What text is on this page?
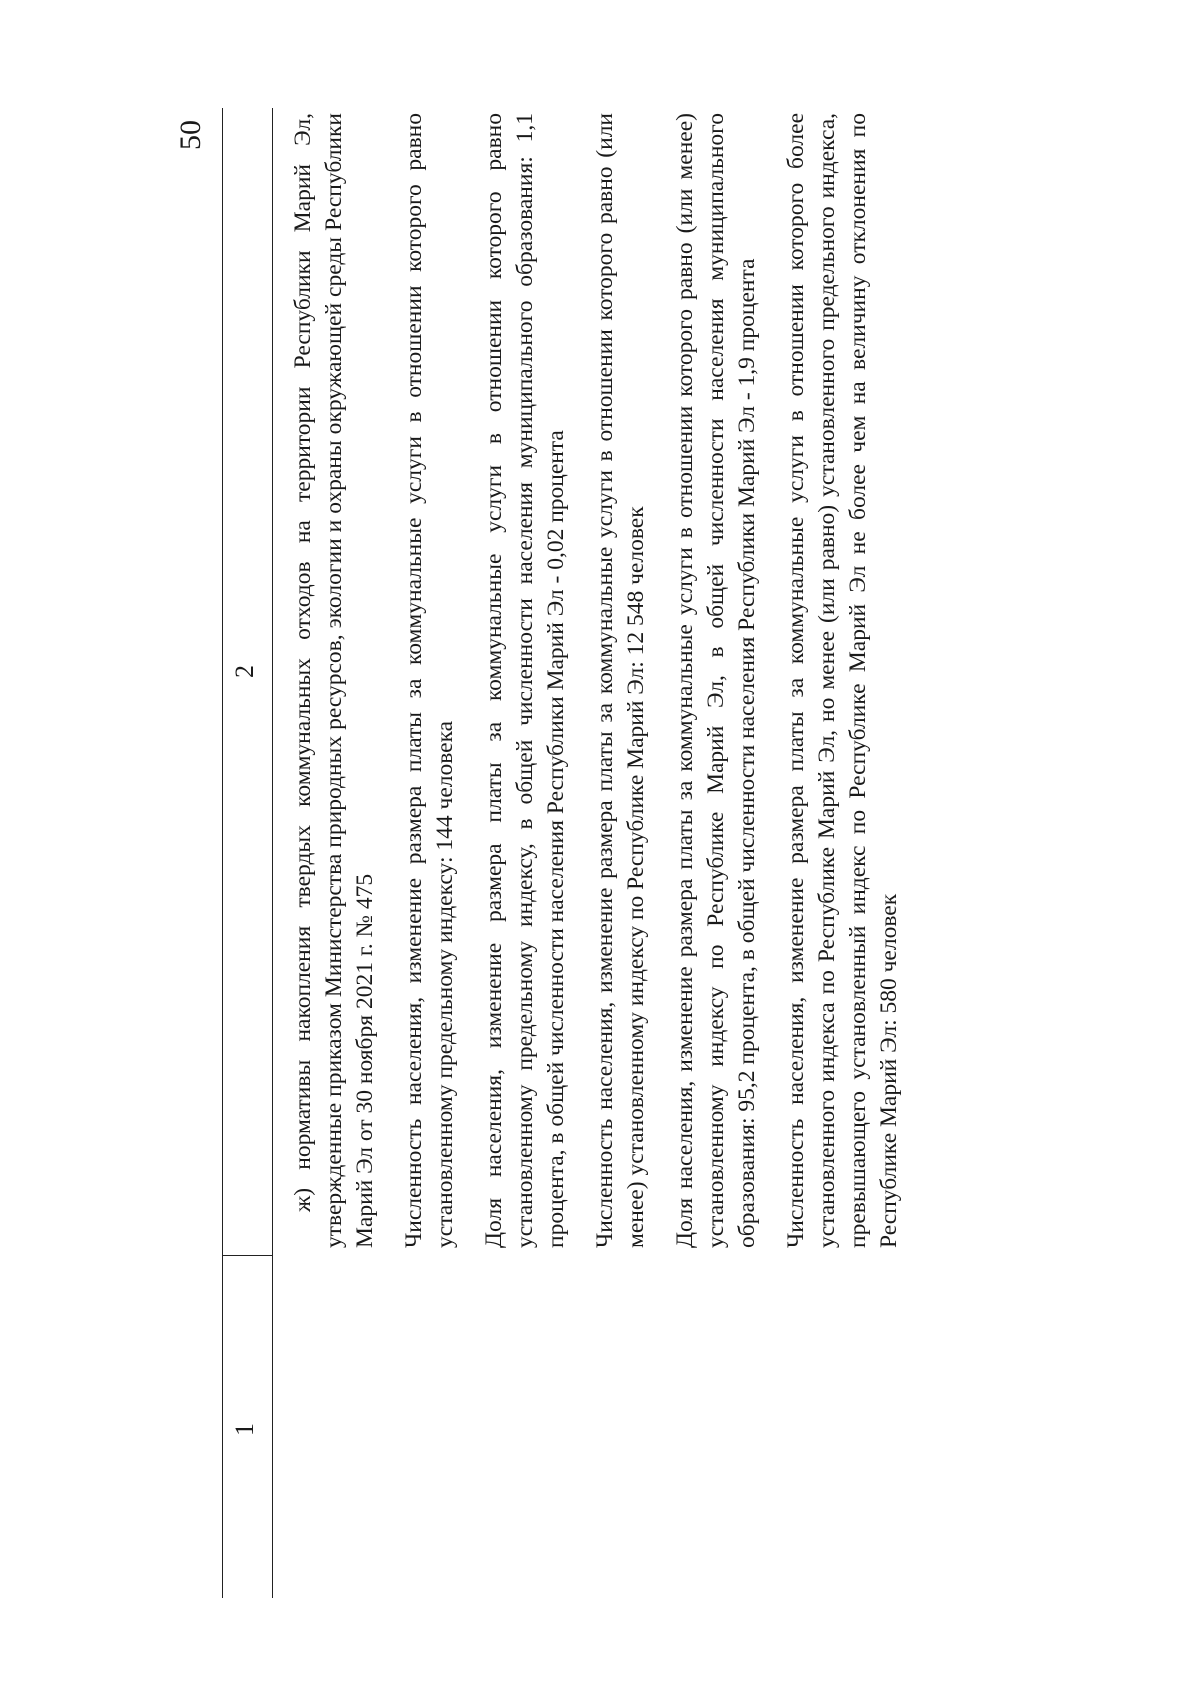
50
1
2 ж) нормативы накопления твердых коммунальных отходов на территории Республики Марий Эл, утвержденные приказом Министерства природных ресурсов, экологии и охраны окружающей среды Республики Марий Эл от 30 ноября 2021 г. № 475 Численность населения, изменение размера платы за коммунальные услуги в отношении которого равно установленному предельному индексу: 144 человека Доля населения, изменение размера платы за коммунальные услуги в отношении которого равно установленному предельному индексу, в общей численности населения муниципального образования: 1,1 процента, в общей численности населения Республики Марий Эл - 0,02 процента Численность населения, изменение размера платы за коммунальные услуги в отношении которого равно (или менее) установленному индексу по Республике Марий Эл: 12 548 человек Доля населения, изменение размера платы за коммунальные услуги в отношении которого равно (или менее) установленному индексу по Республике Марий Эл, в общей численности населения муниципального образования: 95,2 процента, в общей численности населения Республики Марий Эл - 1,9 процента Численность населения, изменение размера платы за коммунальные услуги в отношении которого более установленного индекса по Республике Марий Эл, но менее (или равно) установленного предельного индекса, превышающего установленный индекс по Республике Марий Эл не более чем на величину отклонения по Республике Марий Эл: 580 человек
